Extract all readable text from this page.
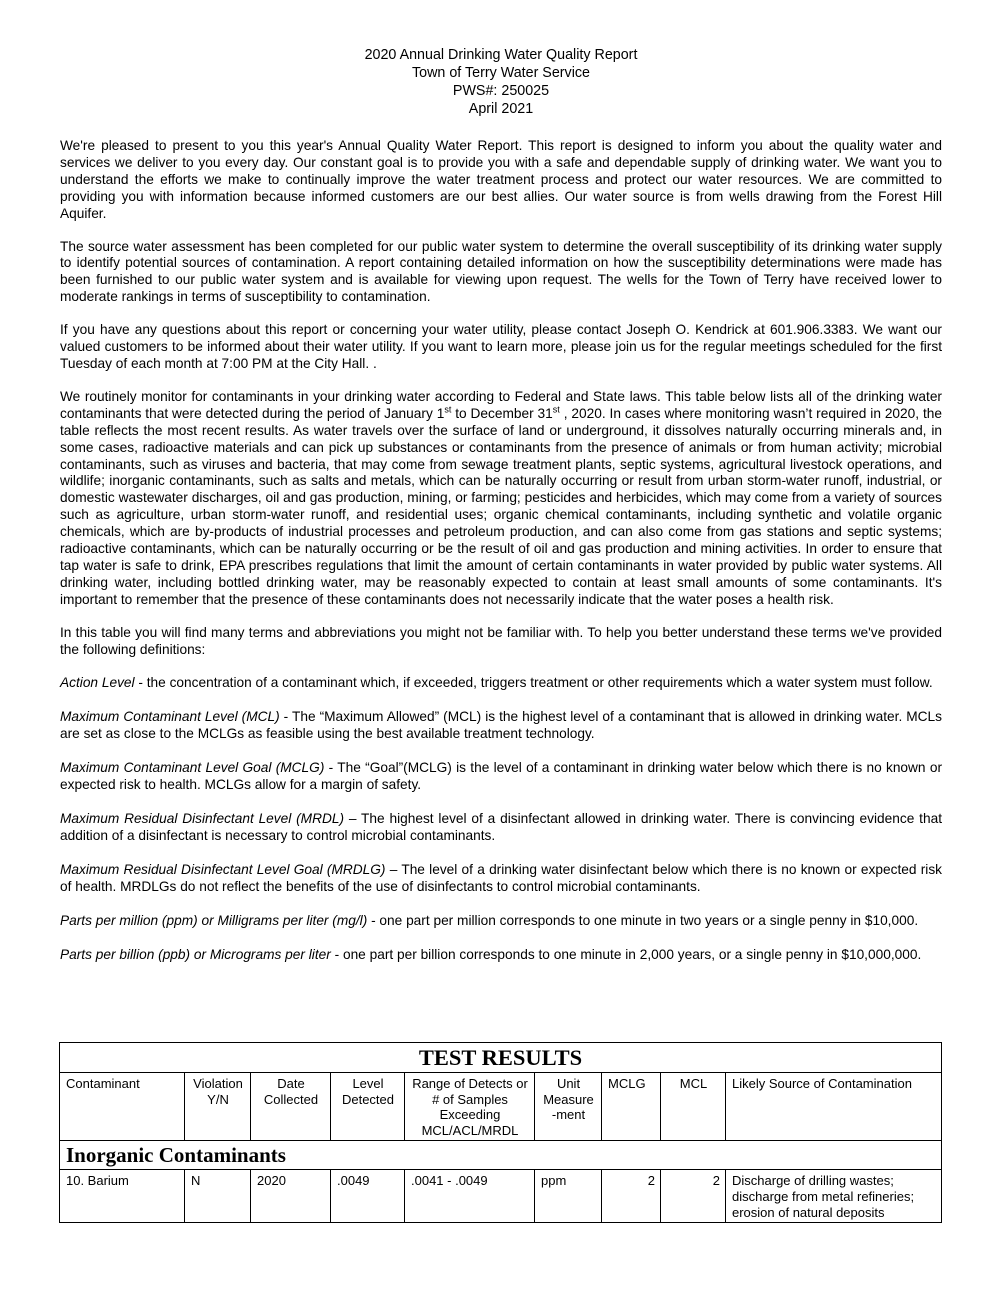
2020 Annual Drinking Water Quality Report
Town of Terry Water Service
PWS#: 250025
April 2021

We're pleased to present to you this year's Annual Quality Water Report. This report is designed to inform you about the quality water and services we deliver to you every day. Our constant goal is to provide you with a safe and dependable supply of drinking water. We want you to understand the efforts we make to continually improve the water treatment process and protect our water resources. We are committed to providing you with information because informed customers are our best allies. Our water source is from wells drawing from the Forest Hill Aquifer.

The source water assessment has been completed for our public water system to determine the overall susceptibility of its drinking water supply to identify potential sources of contamination. A report containing detailed information on how the susceptibility determinations were made has been furnished to our public water system and is available for viewing upon request. The wells for the Town of Terry have received lower to moderate rankings in terms of susceptibility to contamination.

If you have any questions about this report or concerning your water utility, please contact Joseph O. Kendrick at 601.906.3383. We want our valued customers to be informed about their water utility. If you want to learn more, please join us for the regular meetings scheduled for the first Tuesday of each month at 7:00 PM at the City Hall. .

We routinely monitor for contaminants in your drinking water according to Federal and State laws. This table below lists all of the drinking water contaminants that were detected during the period of January 1st to December 31st , 2020. In cases where monitoring wasn’t required in 2020, the table reflects the most recent results. As water travels over the surface of land or underground, it dissolves naturally occurring minerals and, in some cases, radioactive materials and can pick up substances or contaminants from the presence of animals or from human activity; microbial contaminants, such as viruses and bacteria, that may come from sewage treatment plants, septic systems, agricultural livestock operations, and wildlife; inorganic contaminants, such as salts and metals, which can be naturally occurring or result from urban storm-water runoff, industrial, or domestic wastewater discharges, oil and gas production, mining, or farming; pesticides and herbicides, which may come from a variety of sources such as agriculture, urban storm-water runoff, and residential uses; organic chemical contaminants, including synthetic and volatile organic chemicals, which are by-products of industrial processes and petroleum production, and can also come from gas stations and septic systems; radioactive contaminants, which can be naturally occurring or be the result of oil and gas production and mining activities. In order to ensure that tap water is safe to drink, EPA prescribes regulations that limit the amount of certain contaminants in water provided by public water systems. All drinking water, including bottled drinking water, may be reasonably expected to contain at least small amounts of some contaminants. It's important to remember that the presence of these contaminants does not necessarily indicate that the water poses a health risk.

In this table you will find many terms and abbreviations you might not be familiar with. To help you better understand these terms we've provided the following definitions:

Action Level - the concentration of a contaminant which, if exceeded, triggers treatment or other requirements which a water system must follow.

Maximum Contaminant Level (MCL) - The “Maximum Allowed” (MCL) is the highest level of a contaminant that is allowed in drinking water. MCLs are set as close to the MCLGs as feasible using the best available treatment technology.

Maximum Contaminant Level Goal (MCLG) - The “Goal”(MCLG) is the level of a contaminant in drinking water below which there is no known or expected risk to health. MCLGs allow for a margin of safety.

Maximum Residual Disinfectant Level (MRDL) – The highest level of a disinfectant allowed in drinking water. There is convincing evidence that addition of a disinfectant is necessary to control microbial contaminants.

Maximum Residual Disinfectant Level Goal (MRDLG) – The level of a drinking water disinfectant below which there is no known or expected risk of health. MRDLGs do not reflect the benefits of the use of disinfectants to control microbial contaminants.

Parts per million (ppm) or Milligrams per liter (mg/l) - one part per million corresponds to one minute in two years or a single penny in $10,000.

Parts per billion (ppb) or Micrograms per liter - one part per billion corresponds to one minute in 2,000 years, or a single penny in $10,000,000.

TEST RESULTS								
Contaminant	Violation Y/N	Date Collected	Level Detected	Range of Detects or # of Samples Exceeding MCL/ACL/MRDL	Unit Measure -ment	MCLG	MCL	Likely Source of Contamination
Inorganic Contaminants								
10. Barium	N	2020	.0049	.0041 - .0049	ppm	2	2	Discharge of drilling wastes; discharge from metal refineries; erosion of natural deposits
